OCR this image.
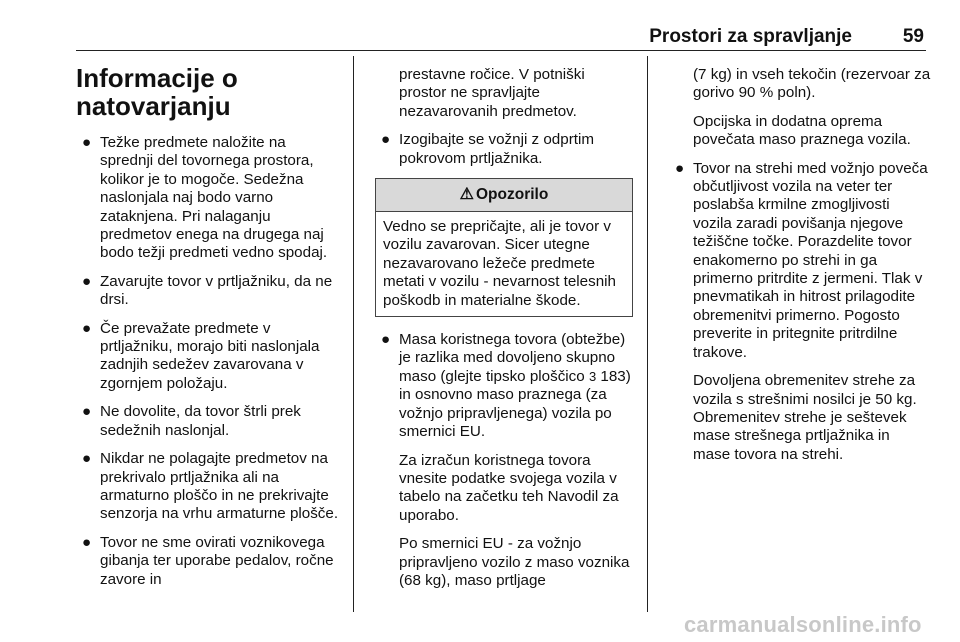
Prostori za spravljanje	59
Informacije o
natovarjanju
● Težke predmete naložite na sprednji del tovornega prostora, kolikor je to mogoče. Sedežna naslonjala naj bodo varno zataknjena. Pri nalaganju predmetov enega na drugega naj bodo težji predmeti vedno spodaj.
● Zavarujte tovor v prtljažniku, da ne drsi.
● Če prevažate predmete v prtljažniku, morajo biti naslonjala zadnjih sedežev zavarovana v zgornjem položaju.
● Ne dovolite, da tovor štrli prek sedežnih naslonjal.
● Nikdar ne polagajte predmetov na prekrivalo prtljažnika ali na armaturno ploščo in ne prekrivajte senzorja na vrhu armaturne plošče.
● Tovor ne sme ovirati voznikovega gibanja ter uporabe pedalov, ročne zavore in

prestavne ročice. V potniški prostor ne spravljajte nezavarovanih predmetov.

● Izogibajte se vožnji z odprtim pokrovom prtljažnika.
⚠ Opozorilo
Vedno se prepričajte, ali je tovor v vozilu zavarovan. Sicer utegne nezavarovano ležeče predmete metati v vozilu - nevarnost telesnih poškodb in materialne škode.
● Masa koristnega tovora (obtežbe) je razlika med dovoljeno skupno maso (glejte tipsko ploščico 3 183) in osnovno maso praznega (za vožnjo pripravljenega) vozila po smernici EU.

Za izračun koristnega tovora vnesite podatke svojega vozila v tabelo na začetku teh Navodil za uporabo.

Po smernici EU - za vožnjo pripravljeno vozilo z maso voznika (68 kg), maso prtljage

(7 kg) in vseh tekočin (rezervoar za gorivo 90 % poln).

Opcijska in dodatna oprema povečata maso praznega vozila.

● Tovor na strehi med vožnjo poveča občutljivost vozila na veter ter poslabša krmilne zmogljivosti vozila zaradi povišanja njegove težiščne točke. Porazdelite tovor enakomerno po strehi in ga primerno pritrdite z jermeni. Tlak v pnevmatikah in hitrost prilagodite obremenitvi primerno. Pogosto preverite in pritegnite pritrdilne trakove.

Dovoljena obremenitev strehe za vozila s strešnimi nosilci je 50 kg. Obremenitev strehe je seštevek mase strešnega prtljažnika in mase tovora na strehi.

carmanualsonline.info
